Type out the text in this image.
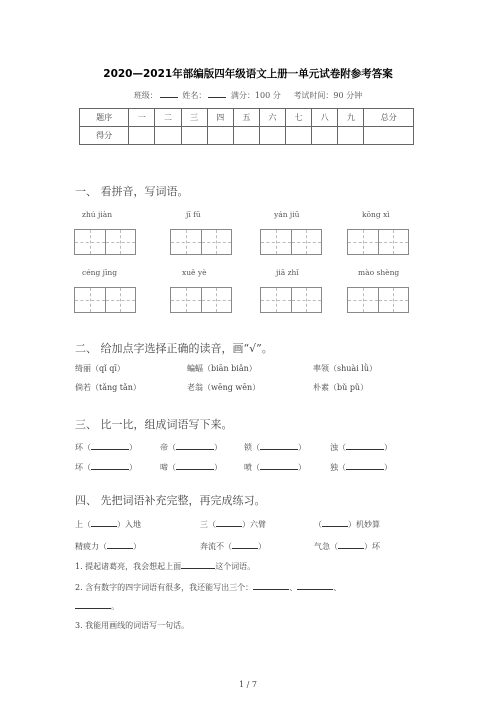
2020—2021年部编版四年级语文上册一单元试卷附参考答案
班级：	姓名：	满分：100 分 考试时间：90 分钟
题序	一	二	三	四	五	六	七	八	九	总分
得分										
一、 看拼音，写词语。
zhú jiàn	jī fū	yán jiū	kōng xì
céng jīng	xuě yè	jiā zhǐ	mào shèng
二、 给加点字选择正确的读音，画“√”。
绮丽（qǐ qī）	蝙蝠（biān biǎn）	率领（shuài lǜ）
倘若（tǎng tǎn）	老翁（wēng wēn）	朴素（bǔ pǔ）
三、 比一比，组成词语写下来。
环（	）	帝（	）	锁（	）	浊（	）
坏（	）	啼（	）	喷（	）	独（	）
四、 先把词语补充完整，再完成练习。
上（	）入地	三（	）六臂	（	）机妙算
精疲力（	）	奔流不（	）	气急（	）坏
1. 提起诸葛亮，我会想起上面	这个词语。
2. 含有数字的四字词语有很多，我还能写出三个：	、	、
。
3. 我能用画线的词语写一句话。
1 / 7
